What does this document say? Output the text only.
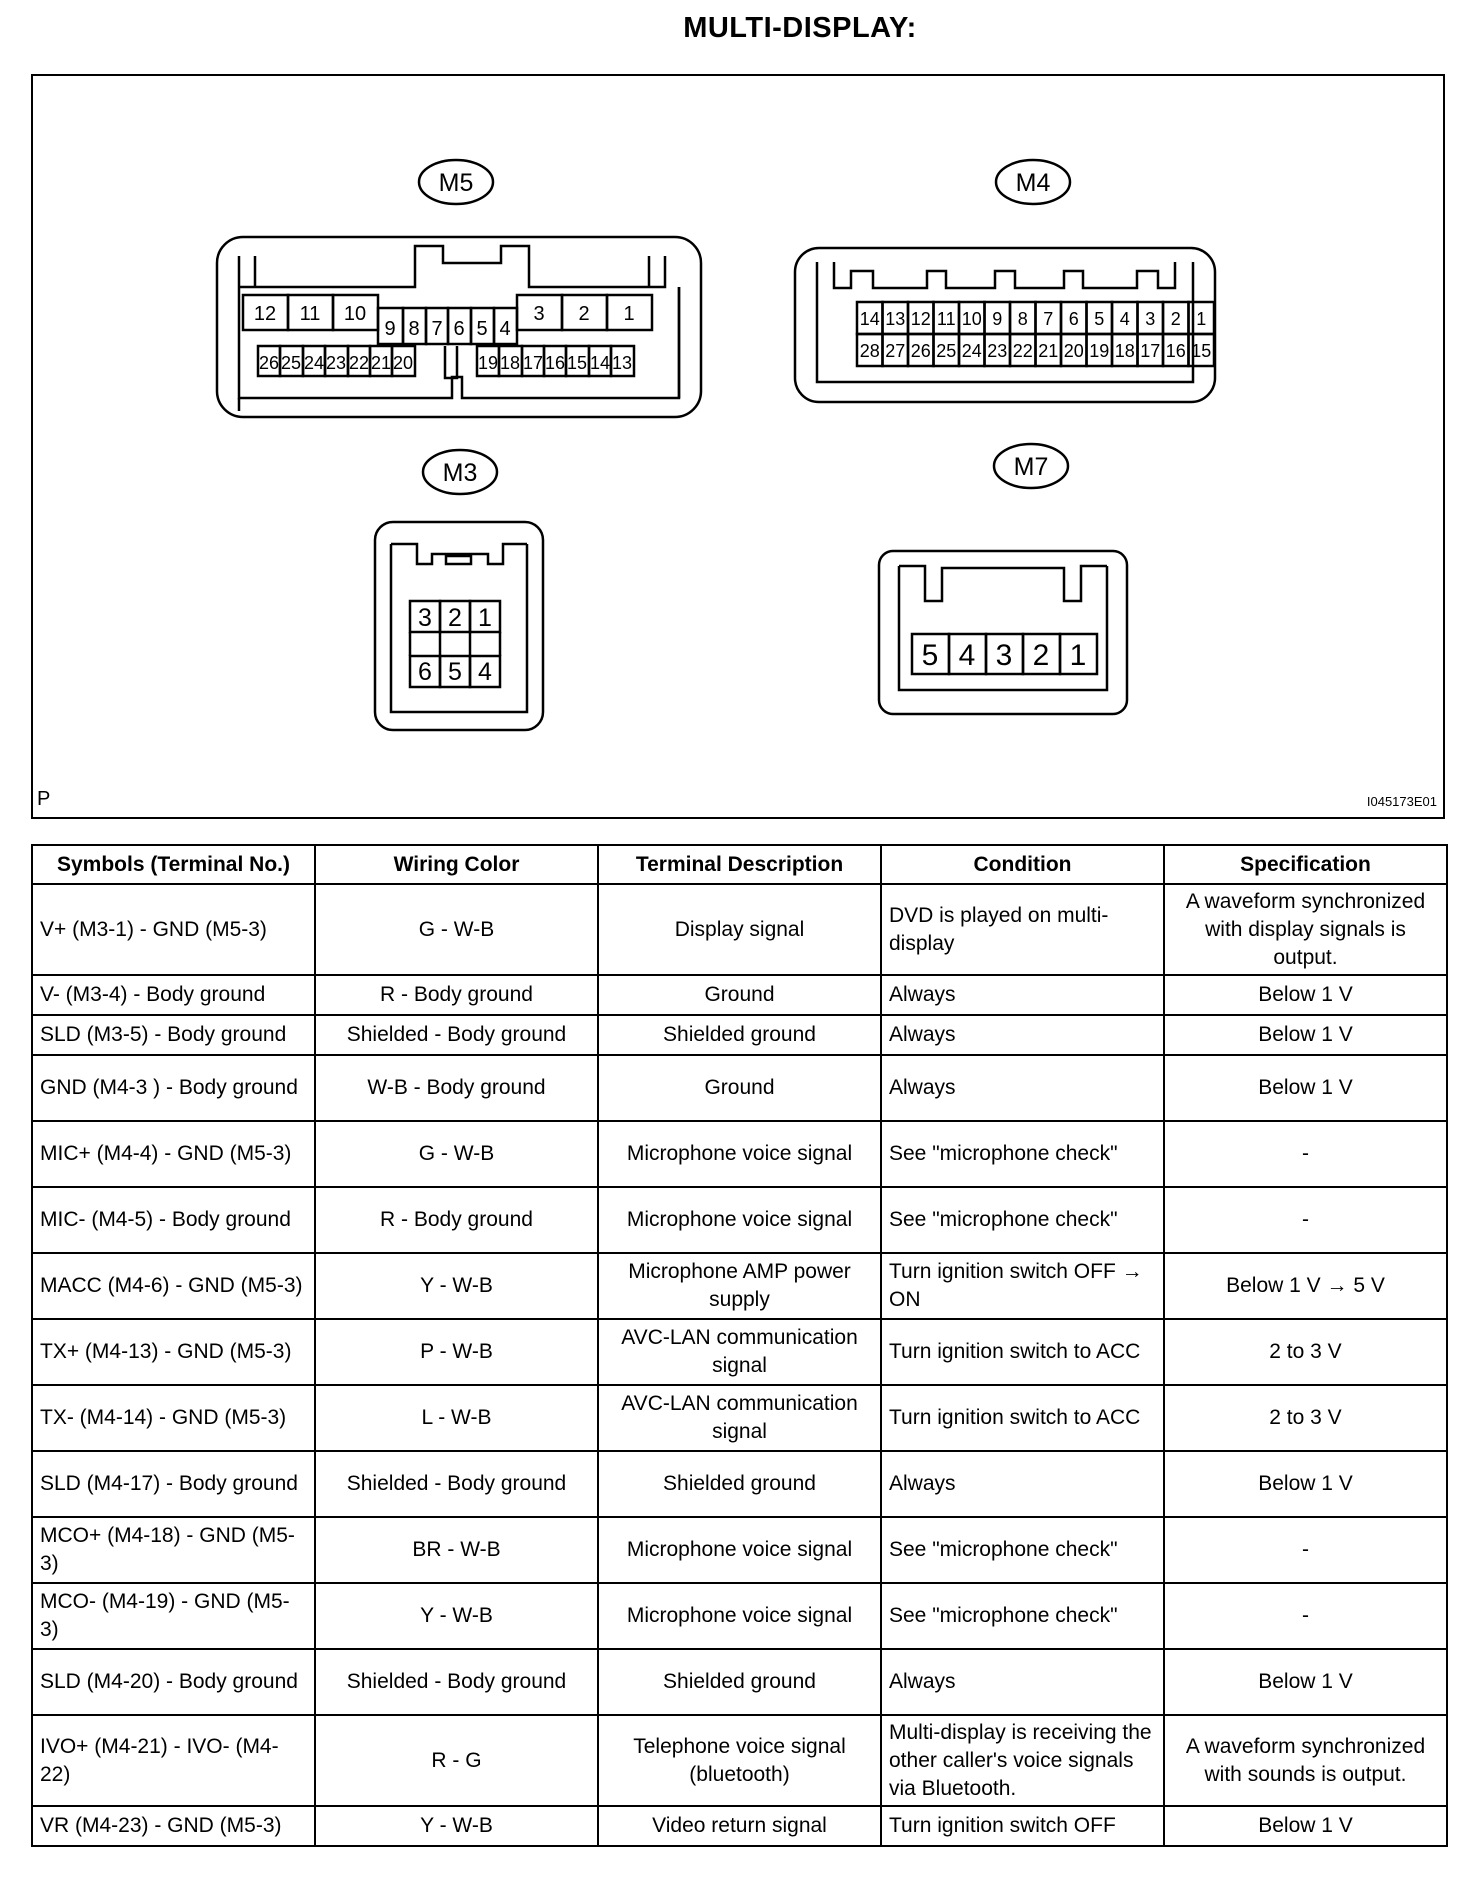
MULTI-DISPLAY:
M5
12 11 10
9 8 7 6 5 4
3 2 1
26 25 24 23 22 21 20	19 18 17 16 15 14 13
M4
14 13 12 11 10 9 8 7 6 5 4 3 2 1
28 27 26 25 24 23 22 21 20 19 18 17 16 15
M3
3 2 1
6 5 4
M7
5 4 3 2 1
P	I045173E01
Symbols (Terminal No.)	Wiring Color	Terminal Description	Condition	Specification
V+ (M3-1) - GND (M5-3)	G - W-B	Display signal	DVD is played on multi-display	A waveform synchronized with display signals is output.
V- (M3-4) - Body ground	R - Body ground	Ground	Always	Below 1 V
SLD (M3-5) - Body ground	Shielded - Body ground	Shielded ground	Always	Below 1 V
GND (M4-3 ) - Body ground	W-B - Body ground	Ground	Always	Below 1 V
MIC+ (M4-4) - GND (M5-3)	G - W-B	Microphone voice signal	See "microphone check"	-
MIC- (M4-5) - Body ground	R - Body ground	Microphone voice signal	See "microphone check"	-
MACC (M4-6) - GND (M5-3)	Y - W-B	Microphone AMP power supply	Turn ignition switch OFF → ON	Below 1 V → 5 V
TX+ (M4-13) - GND (M5-3)	P - W-B	AVC-LAN communication signal	Turn ignition switch to ACC	2 to 3 V
TX- (M4-14) - GND (M5-3)	L - W-B	AVC-LAN communication signal	Turn ignition switch to ACC	2 to 3 V
SLD (M4-17) - Body ground	Shielded - Body ground	Shielded ground	Always	Below 1 V
MCO+ (M4-18) - GND (M5-3)	BR - W-B	Microphone voice signal	See "microphone check"	-
MCO- (M4-19) - GND (M5-3)	Y - W-B	Microphone voice signal	See "microphone check"	-
SLD (M4-20) - Body ground	Shielded - Body ground	Shielded ground	Always	Below 1 V
IVO+ (M4-21) - IVO- (M4-22)	R - G	Telephone voice signal (bluetooth)	Multi-display is receiving the other caller's voice signals via Bluetooth.	A waveform synchronized with sounds is output.
VR (M4-23) - GND (M5-3)	Y - W-B	Video return signal	Turn ignition switch OFF	Below 1 V
